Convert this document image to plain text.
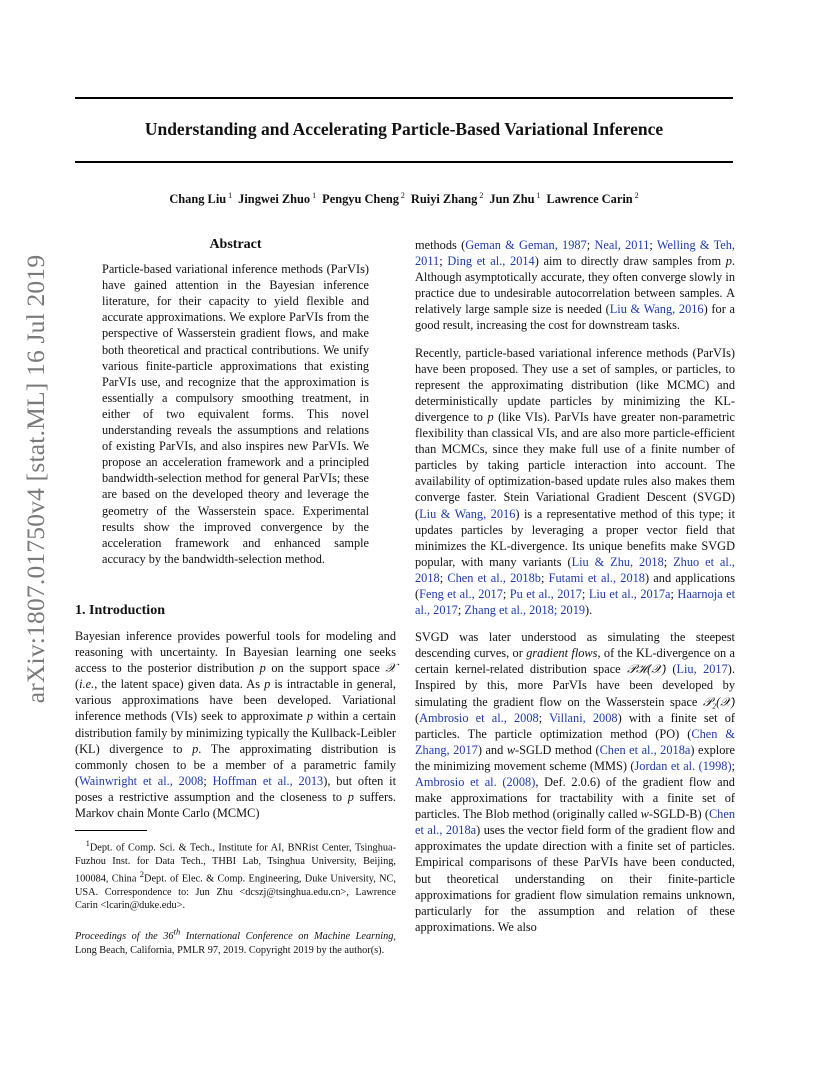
Understanding and Accelerating Particle-Based Variational Inference
Chang Liu $^1$ Jingwei Zhuo $^1$ Pengyu Cheng $^2$ Ruiyi Zhang $^2$ Jun Zhu $^1$ Lawrence Carin $^2$
arXiv:1807.01750v4 [stat.ML] 16 Jul 2019
Abstract

Particle-based variational inference methods (ParVIs) have gained attention in the Bayesian inference literature, for their capacity to yield flexible and accurate approximations. We explore ParVIs from the perspective of Wasserstein gradient flows, and make both theoretical and practical contributions. We unify various finite-particle approximations that existing ParVIs use, and recognize that the approximation is essentially a compulsory smoothing treatment, in either of two equivalent forms. This novel understanding reveals the assumptions and relations of existing ParVIs, and also inspires new ParVIs. We propose an acceleration framework and a principled bandwidth-selection method for general ParVIs; these are based on the developed theory and leverage the geometry of the Wasserstein space. Experimental results show the improved convergence by the acceleration framework and enhanced sample accuracy by the bandwidth-selection method.

1. Introduction

Bayesian inference provides powerful tools for modeling and reasoning with uncertainty. In Bayesian learning one seeks access to the posterior distribution p on the support space 𝒳 (i.e., the latent space) given data. As p is intractable in general, various approximations have been developed. Variational inference methods (VIs) seek to approximate p within a certain distribution family by minimizing typically the Kullback-Leibler (KL) divergence to p. The approximating distribution is commonly chosen to be a member of a parametric family (Wainwright et al., 2008; Hoffman et al., 2013), but often it poses a restrictive assumption and the closeness to p suffers. Markov chain Monte Carlo (MCMC)

$^1$Dept. of Comp. Sci. & Tech., Institute for AI, BNRist Center, Tsinghua-Fuzhou Inst. for Data Tech., THBI Lab, Tsinghua University, Beijing, 100084, China $^2$Dept. of Elec. & Comp. Engineering, Duke University, NC, USA. Correspondence to: Jun Zhu <dcszj@tsinghua.edu.cn>, Lawrence Carin <lcarin@duke.edu>.

Proceedings of the 36th International Conference on Machine Learning, Long Beach, California, PMLR 97, 2019. Copyright 2019 by the author(s).

methods (Geman & Geman, 1987; Neal, 2011; Welling & Teh, 2011; Ding et al., 2014) aim to directly draw samples from p. Although asymptotically accurate, they often converge slowly in practice due to undesirable autocorrelation between samples. A relatively large sample size is needed (Liu & Wang, 2016) for a good result, increasing the cost for downstream tasks.

Recently, particle-based variational inference methods (ParVIs) have been proposed. They use a set of samples, or particles, to represent the approximating distribution (like MCMC) and deterministically update particles by minimizing the KL-divergence to p (like VIs). ParVIs have greater non-parametric flexibility than classical VIs, and are also more particle-efficient than MCMCs, since they make full use of a finite number of particles by taking particle interaction into account. The availability of optimization-based update rules also makes them converge faster. Stein Variational Gradient Descent (SVGD) (Liu & Wang, 2016) is a representative method of this type; it updates particles by leveraging a proper vector field that minimizes the KL-divergence. Its unique benefits make SVGD popular, with many variants (Liu & Zhu, 2018; Zhuo et al., 2018; Chen et al., 2018b; Futami et al., 2018) and applications (Feng et al., 2017; Pu et al., 2017; Liu et al., 2017a; Haarnoja et al., 2017; Zhang et al., 2018; 2019).

SVGD was later understood as simulating the steepest descending curves, or gradient flows, of the KL-divergence on a certain kernel-related distribution space 𝒫ℋ(𝒳) (Liu, 2017). Inspired by this, more ParVIs have been developed by simulating the gradient flow on the Wasserstein space 𝒫₂(𝒳) (Ambrosio et al., 2008; Villani, 2008) with a finite set of particles. The particle optimization method (PO) (Chen & Zhang, 2017) and w-SGLD method (Chen et al., 2018a) explore the minimizing movement scheme (MMS) (Jordan et al. (1998); Ambrosio et al. (2008), Def. 2.0.6) of the gradient flow and make approximations for tractability with a finite set of particles. The Blob method (originally called w-SGLD-B) (Chen et al., 2018a) uses the vector field form of the gradient flow and approximates the update direction with a finite set of particles. Empirical comparisons of these ParVIs have been conducted, but theoretical understanding on their finite-particle approximations for gradient flow simulation remains unknown, particularly for the assumption and relation of these approximations. We also
